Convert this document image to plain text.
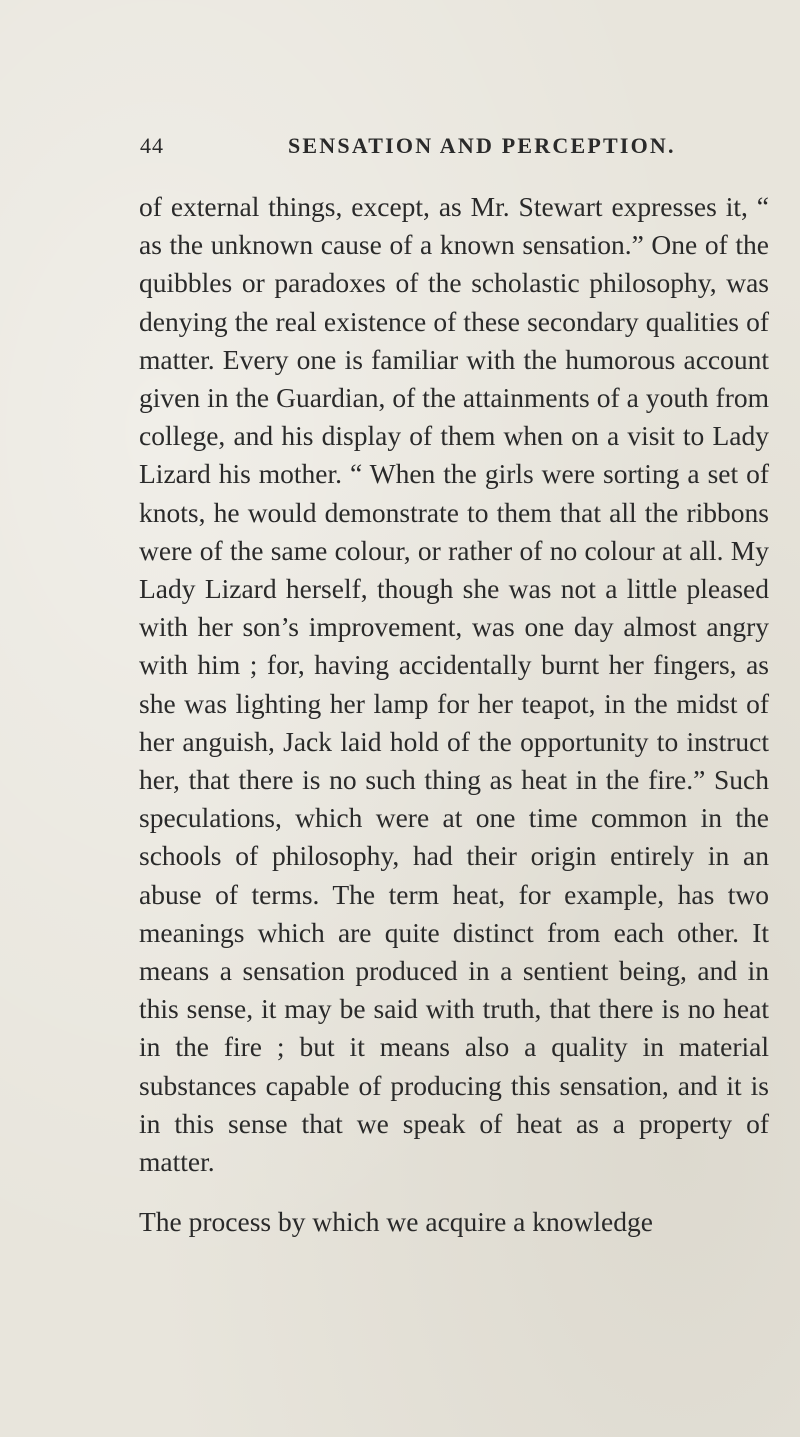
44	SENSATION AND PERCEPTION.

of external things, except, as Mr. Stewart expresses it, “ as the unknown cause of a known sensation.” One of the quibbles or paradoxes of the scholastic philosophy, was denying the real existence of these secondary qualities of matter. Every one is familiar with the humorous account given in the Guardian, of the attainments of a youth from college, and his display of them when on a visit to Lady Lizard his mother. “ When the girls were sorting a set of knots, he would demonstrate to them that all the ribbons were of the same colour, or rather of no colour at all. My Lady Lizard herself, though she was not a little pleased with her son’s improvement, was one day almost angry with him ; for, having accidentally burnt her fingers, as she was lighting her lamp for her teapot, in the midst of her anguish, Jack laid hold of the opportunity to instruct her, that there is no such thing as heat in the fire.” Such speculations, which were at one time common in the schools of philosophy, had their origin entirely in an abuse of terms. The term heat, for example, has two meanings which are quite distinct from each other. It means a sensation produced in a sentient being, and in this sense, it may be said with truth, that there is no heat in the fire ; but it means also a quality in material substances capable of producing this sensation, and it is in this sense that we speak of heat as a property of matter.

The process by which we acquire a knowledge
